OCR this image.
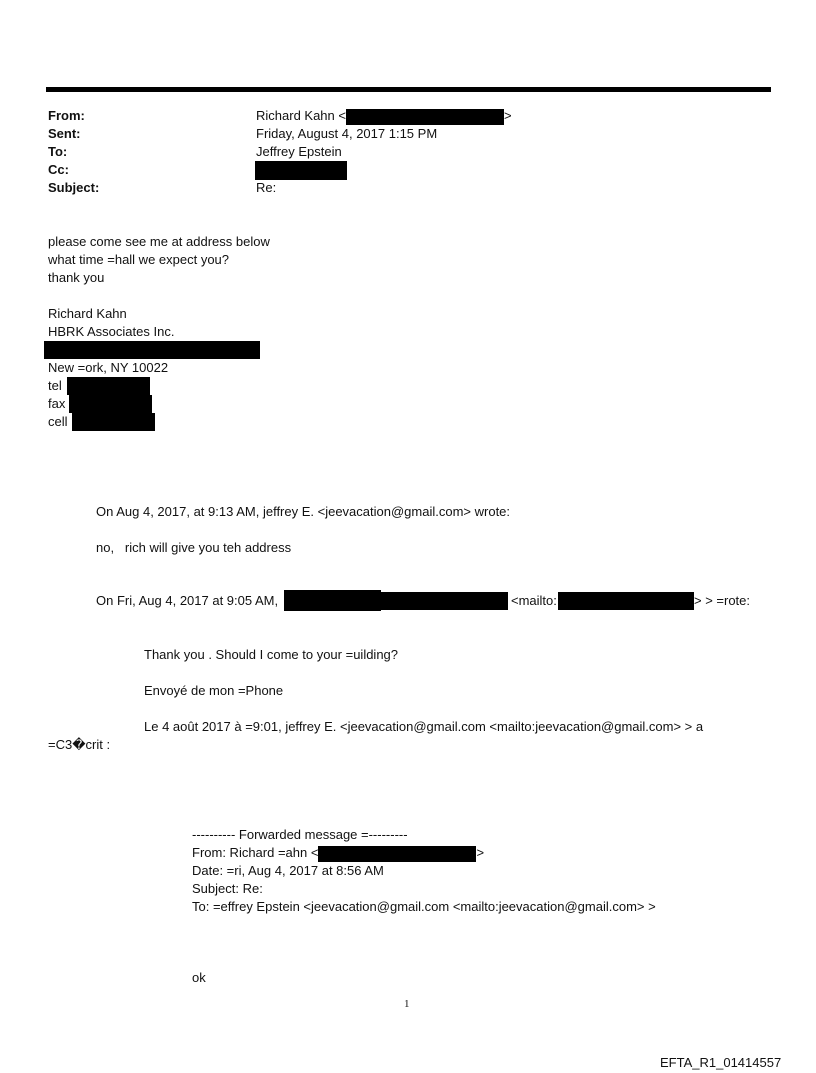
From:	Richard Kahn <	>
Sent:	Friday, August 4, 2017 1:15 PM
To:	Jeffrey Epstein
Cc:
Subject:	Re:
please come see me at address below
what time =hall we expect you?
thank you
Richard Kahn
HBRK Associates Inc.
New =ork, NY 10022
tel
fax
cell
On Aug 4, 2017, at 9:13 AM, jeffrey E. <jeevacation@gmail.com> wrote:
no,   rich will give you teh address
On Fri, Aug 4, 2017 at 9:05 AM,	<mailto:	> > =rote:
Thank you . Should I come to your =uilding?
Envoyé de mon =Phone
Le 4 août 2017 à =9:01, jeffrey E. <jeevacation@gmail.com <mailto:jeevacation@gmail.com> > a
=C3�crit :
---------- Forwarded message =---------
From: Richard =ahn <	>
Date: =ri, Aug 4, 2017 at 8:56 AM
Subject: Re:
To: =effrey Epstein <jeevacation@gmail.com <mailto:jeevacation@gmail.com> >
ok
1
EFTA_R1_01414557
